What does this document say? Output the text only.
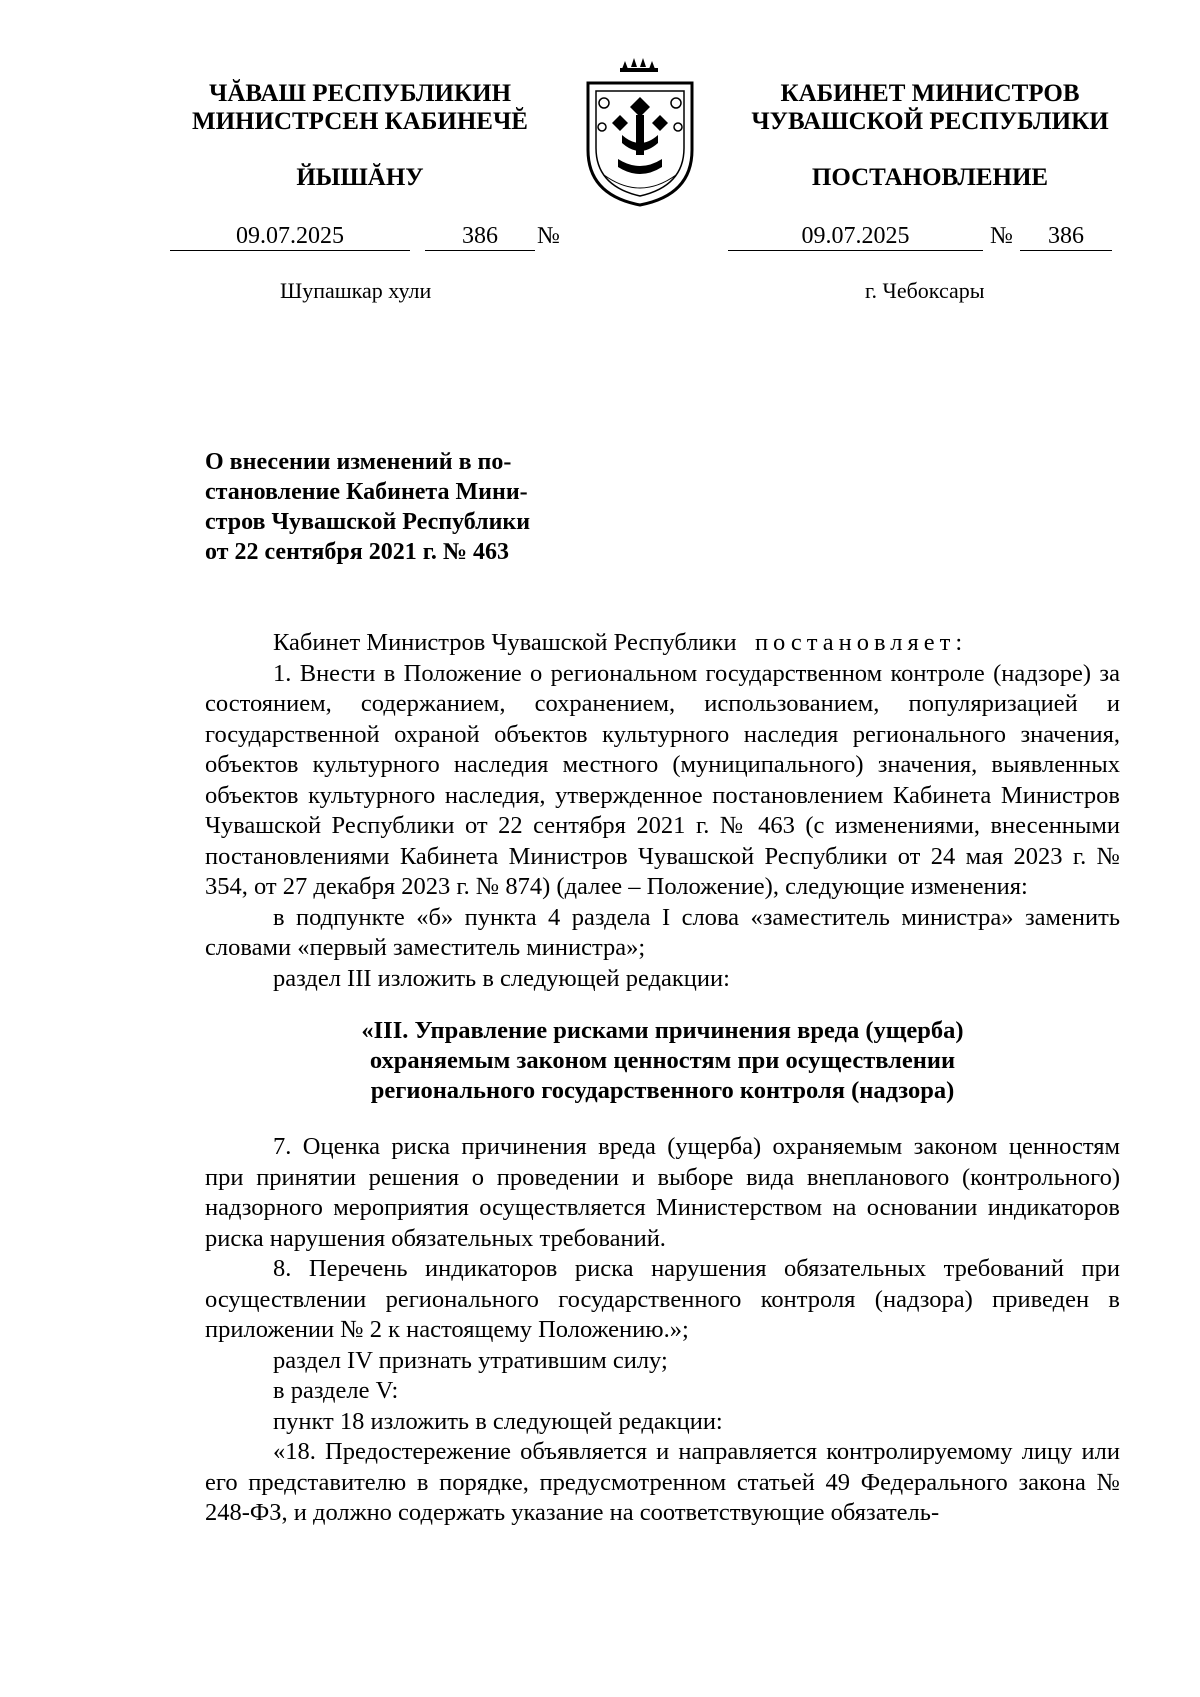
ЧĂВАШ РЕСПУБЛИКИН
МИНИСТРСЕН КАБИНЕЧĔ
ЙЫШĂНУ
КАБИНЕТ МИНИСТРОВ
ЧУВАШСКОЙ РЕСПУБЛИКИ
ПОСТАНОВЛЕНИЕ
09.07.2025	386	№	09.07.2025	№	386
Шупашкар хули	г. Чебоксары
О внесении изменений в по-
становление Кабинета Мини-
стров Чувашской Республики
от 22 сентября 2021 г. № 463

Кабинет Министров Чувашской Республики постановляет:

1. Внести в Положение о региональном государственном контроле (надзоре) за состоянием, содержанием, сохранением, использованием, популяризацией и государственной охраной объектов культурного наследия регионального значения, объектов культурного наследия местного (муниципального) значения, выявленных объектов культурного наследия, утвержденное постановлением Кабинета Министров Чувашской Республики от 22 сентября 2021 г. № 463 (с изменениями, внесенными постановлениями Кабинета Министров Чувашской Республики от 24 мая 2023 г. № 354, от 27 декабря 2023 г. № 874) (далее – Положение), следующие изменения:

в подпункте «б» пункта 4 раздела I слова «заместитель министра» заменить словами «первый заместитель министра»;

раздел III изложить в следующей редакции:

«III. Управление рисками причинения вреда (ущерба)
охраняемым законом ценностям при осуществлении
регионального государственного контроля (надзора)

7. Оценка риска причинения вреда (ущерба) охраняемым законом ценностям при принятии решения о проведении и выборе вида внепланового (контрольного) надзорного мероприятия осуществляется Министерством на основании индикаторов риска нарушения обязательных требований.

8. Перечень индикаторов риска нарушения обязательных требований при осуществлении регионального государственного контроля (надзора) приведен в приложении № 2 к настоящему Положению.»;

раздел IV признать утратившим силу;

в разделе V:

пункт 18 изложить в следующей редакции:

«18. Предостережение объявляется и направляется контролируемому лицу или его представителю в порядке, предусмотренном статьей 49 Федерального закона № 248-ФЗ, и должно содержать указание на соответствующие обязатель-
